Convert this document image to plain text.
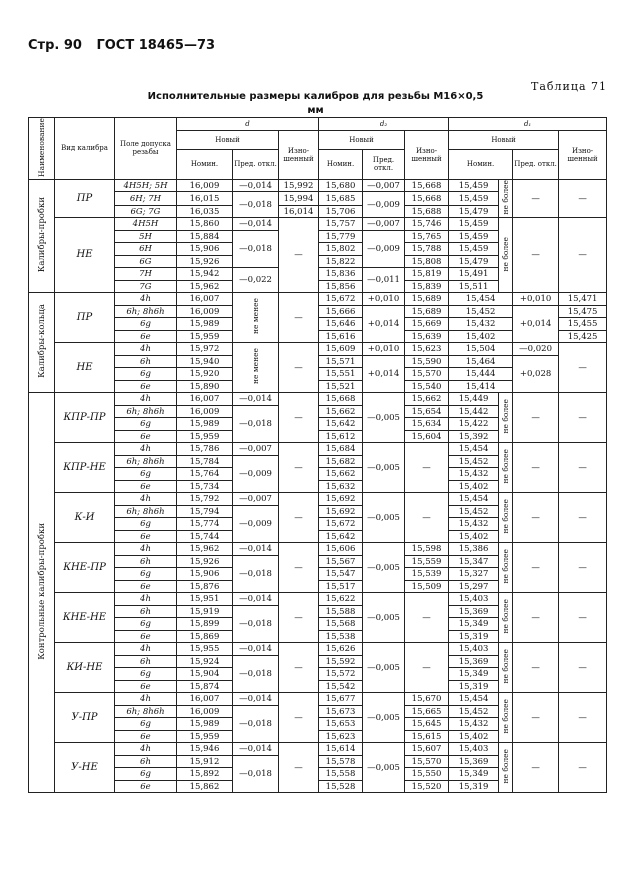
Стр. 90 ГОСТ 18465—73
Таблица 71
Исполнительные размеры калибров для резьбы М16×0,5
мм
Наименование	Вид калибра	Поле допуска резьбы	d			d₂			d₁			
			Новый		Изно-шенный	Новый		Изно-шенный	Новый			Изно-шенный
			Номин.	Пред. откл.		Номин.	Пред. откл.		Номин.		Пред. откл.	
Калибры-пробки	ПР	4H5H; 5H	16,009	—0,014	15,992	15,680	—0,007	15,668	15,459	не более	—	—
		6H; 7H	16,015	—0,018	15,994	15,685	—0,009	15,668	15,459			
		6G; 7G	16,035		16,014	15,706		15,688	15,479			
	НЕ	4H5H	15,860	—0,014	—	15,757	—0,007	15,746	15,459	не более	—	—
		5H	15,884	—0,018		15,779	—0,009	15,765	15,459			
		6H	15,906			15,802		15,788	15,459			
		6G	15,926			15,822		15,808	15,479			
		7H	15,942	—0,022		15,836	—0,011	15,819	15,491			
		7G	15,962			15,856		15,839	15,511			
Калибры-кольца	ПР	4h	16,007	не менее	—	15,672	+0,010	15,689	15,454		+0,010	15,471
		6h; 8h6h	16,009			15,666	+0,014	15,689	15,452		+0,014	15,475
		6g	15,989			15,646		15,669	15,432			15,455
		6e	15,959			15,616		15,639	15,402			15,425
	НЕ	4h	15,972	не менее	—	15,609	+0,010	15,623	15,504		—0,020	—
		6h	15,940			15,571	+0,014	15,590	15,464		+0,028	
		6g	15,920			15,551		15,570	15,444			
		6e	15,890			15,521		15,540	15,414			
Контрольные калибры-пробки	КПР-ПР	4h	16,007	—0,014	—	15,668	—0,005	15,662	15,449	не более	—	—
		6h; 8h6h	16,009	—0,018		15,662		15,654	15,442			
		6g	15,989			15,642		15,634	15,422			
		6e	15,959			15,612		15,604	15,392			
	КПР-НЕ	4h	15,786	—0,007	—	15,684	—0,005	—	15,454	не более	—	—
		6h; 8h6h	15,784	—0,009		15,682			15,452			
		6g	15,764			15,662			15,432			
		6e	15,734			15,632			15,402			
	К-И	4h	15,792	—0,007	—	15,692	—0,005	—	15,454	не более	—	—
		6h; 8h6h	15,794	—0,009		15,692			15,452			
		6g	15,774			15,672			15,432			
		6e	15,744			15,642			15,402			
	КНЕ-ПР	4h	15,962	—0,014	—	15,606	—0,005	15,598	15,386	не более	—	—
		6h	15,926	—0,018		15,567		15,559	15,347			
		6g	15,906			15,547		15,539	15,327			
		6e	15,876			15,517		15,509	15,297			
	КНЕ-НЕ	4h	15,951	—0,014	—	15,622	—0,005	—	15,403	не более	—	—
		6h	15,919	—0,018		15,588			15,369			
		6g	15,899			15,568			15,349			
		6e	15,869			15,538			15,319			
	КИ-НЕ	4h	15,955	—0,014	—	15,626	—0,005	—	15,403	не более	—	—
		6h	15,924	—0,018		15,592			15,369			
		6g	15,904			15,572			15,349			
		6e	15,874			15,542			15,319			
	У-ПР	4h	16,007	—0,014	—	15,677	—0,005	15,670	15,454	не более	—	—
		6h; 8h6h	16,009	—0,018		15,673		15,665	15,452			
		6g	15,989			15,653		15,645	15,432			
		6e	15,959			15,623		15,615	15,402			
	У-НЕ	4h	15,946	—0,014	—	15,614	—0,005	15,607	15,403	не более	—	—
		6h	15,912	—0,018		15,578		15,570	15,369			
		6g	15,892			15,558		15,550	15,349			
		6e	15,862			15,528		15,520	15,319			
